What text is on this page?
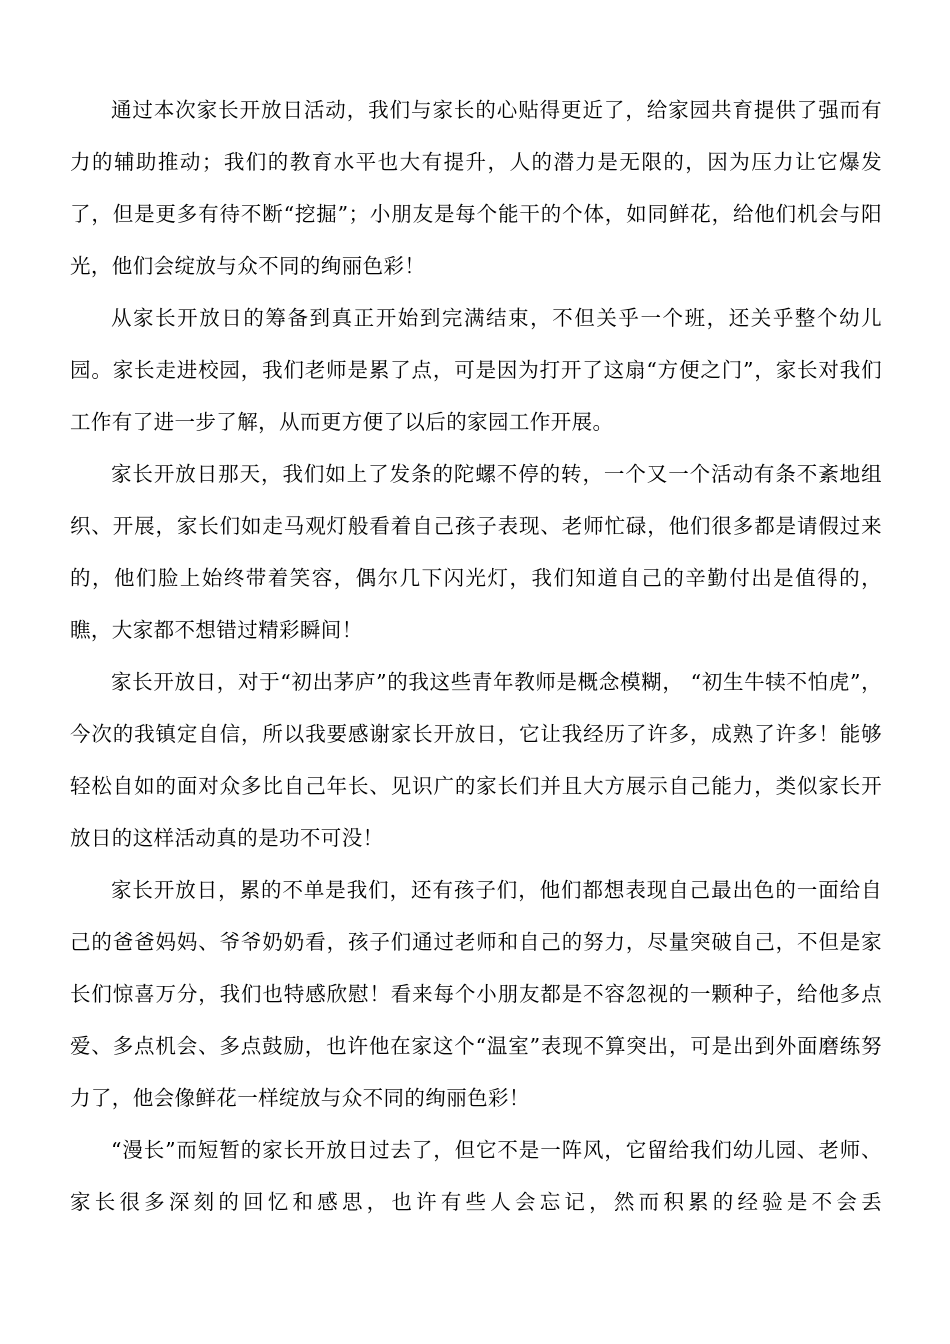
通过本次家长开放日活动，我们与家长的心贴得更近了，给家园共育提供了强而有力的辅助推动；我们的教育水平也大有提升，人的潜力是无限的，因为压力让它爆发了，但是更多有待不断“挖掘”；小朋友是每个能干的个体，如同鲜花，给他们机会与阳光，他们会绽放与众不同的绚丽色彩！

从家长开放日的筹备到真正开始到完满结束，不但关乎一个班，还关乎整个幼儿园。家长走进校园，我们老师是累了点，可是因为打开了这扇“方便之门”，家长对我们工作有了进一步了解，从而更方便了以后的家园工作开展。

家长开放日那天，我们如上了发条的陀螺不停的转，一个又一个活动有条不紊地组织、开展，家长们如走马观灯般看着自己孩子表现、老师忙碌，他们很多都是请假过来的，他们脸上始终带着笑容，偶尔几下闪光灯，我们知道自己的辛勤付出是值得的，瞧，大家都不想错过精彩瞬间！

家长开放日，对于“初出茅庐”的我这些青年教师是概念模糊， “初生牛犊不怕虎”，今次的我镇定自信，所以我要感谢家长开放日，它让我经历了许多，成熟了许多！能够轻松自如的面对众多比自己年长、见识广的家长们并且大方展示自己能力，类似家长开放日的这样活动真的是功不可没！

家长开放日，累的不单是我们，还有孩子们，他们都想表现自己最出色的一面给自己的爸爸妈妈、爷爷奶奶看，孩子们通过老师和自己的努力，尽量突破自己，不但是家长们惊喜万分，我们也特感欣慰！看来每个小朋友都是不容忽视的一颗种子，给他多点爱、多点机会、多点鼓励，也许他在家这个“温室”表现不算突出，可是出到外面磨练努力了，他会像鲜花一样绽放与众不同的绚丽色彩！

“漫长”而短暂的家长开放日过去了，但它不是一阵风，它留给我们幼儿园、老师、家长很多深刻的回忆和感思，也许有些人会忘记，然而积累的经验是不会丢
